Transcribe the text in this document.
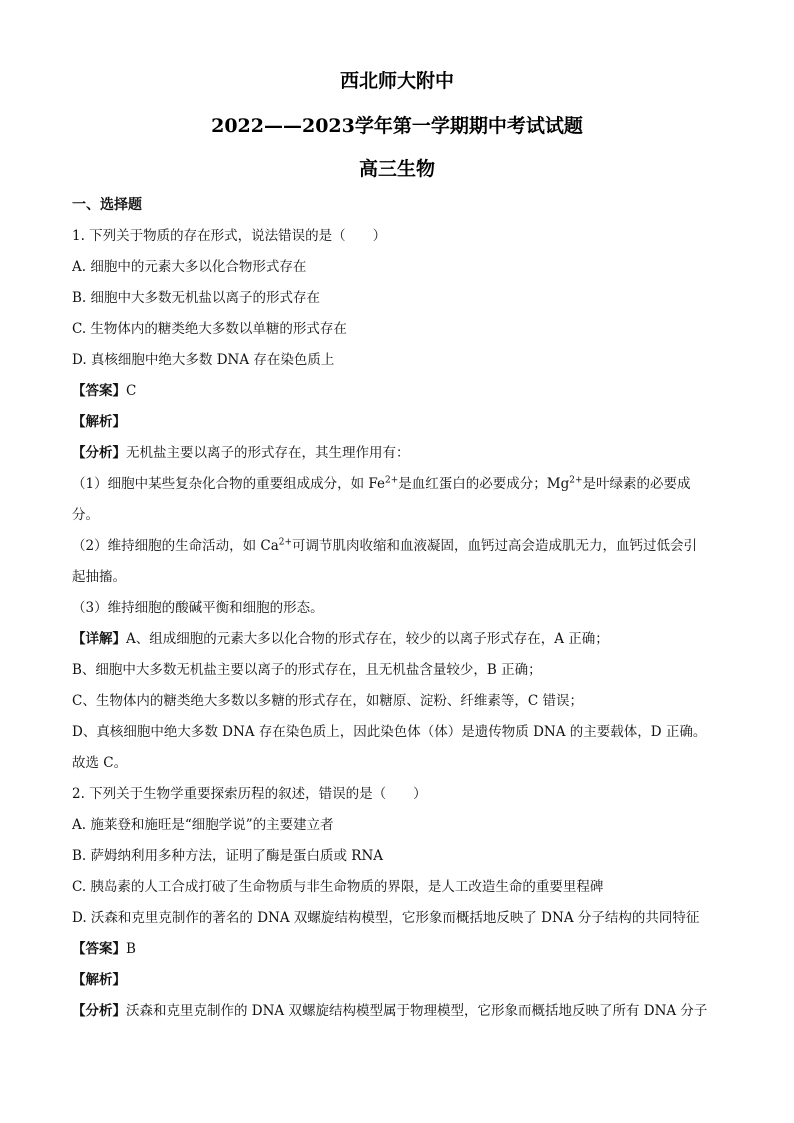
西北师大附中
2022——2023学年第一学期期中考试试题
高三生物
一、选择题
1. 下列关于物质的存在形式，说法错误的是（　　）
A. 细胞中的元素大多以化合物形式存在
B. 细胞中大多数无机盐以离子的形式存在
C. 生物体内的糖类绝大多数以单糖的形式存在
D. 真核细胞中绝大多数 DNA 存在染色质上
【答案】C
【解析】
【分析】无机盐主要以离子的形式存在，其生理作用有：
（1）细胞中某些复杂化合物的重要组成成分，如 $Fe^{2+}$是血红蛋白的必要成分；$Mg^{2+}$是叶绿素的必要成
分。
（2）维持细胞的生命活动，如 $Ca^{2+}$可调节肌肉收缩和血液凝固，血钙过高会造成肌无力，血钙过低会引
起抽搐。
（3）维持细胞的酸碱平衡和细胞的形态。
【详解】A、组成细胞的元素大多以化合物的形式存在，较少的以离子形式存在，A 正确；
B、细胞中大多数无机盐主要以离子的形式存在，且无机盐含量较少，B 正确；
C、生物体内的糖类绝大多数以多糖的形式存在，如糖原、淀粉、纤维素等，C 错误；
D、真核细胞中绝大多数 DNA 存在染色质上，因此染色体（体）是遗传物质 DNA 的主要载体，D 正确。
故选 C。
2. 下列关于生物学重要探索历程的叙述，错误的是（　　）
A. 施莱登和施旺是“细胞学说”的主要建立者
B. 萨姆纳利用多种方法，证明了酶是蛋白质或 RNA
C. 胰岛素的人工合成打破了生命物质与非生命物质的界限，是人工改造生命的重要里程碑
D. 沃森和克里克制作的著名的 DNA 双螺旋结构模型，它形象而概括地反映了 DNA 分子结构的共同特征
【答案】B
【解析】
【分析】沃森和克里克制作的 DNA 双螺旋结构模型属于物理模型，它形象而概括地反映了所有 DNA 分子
